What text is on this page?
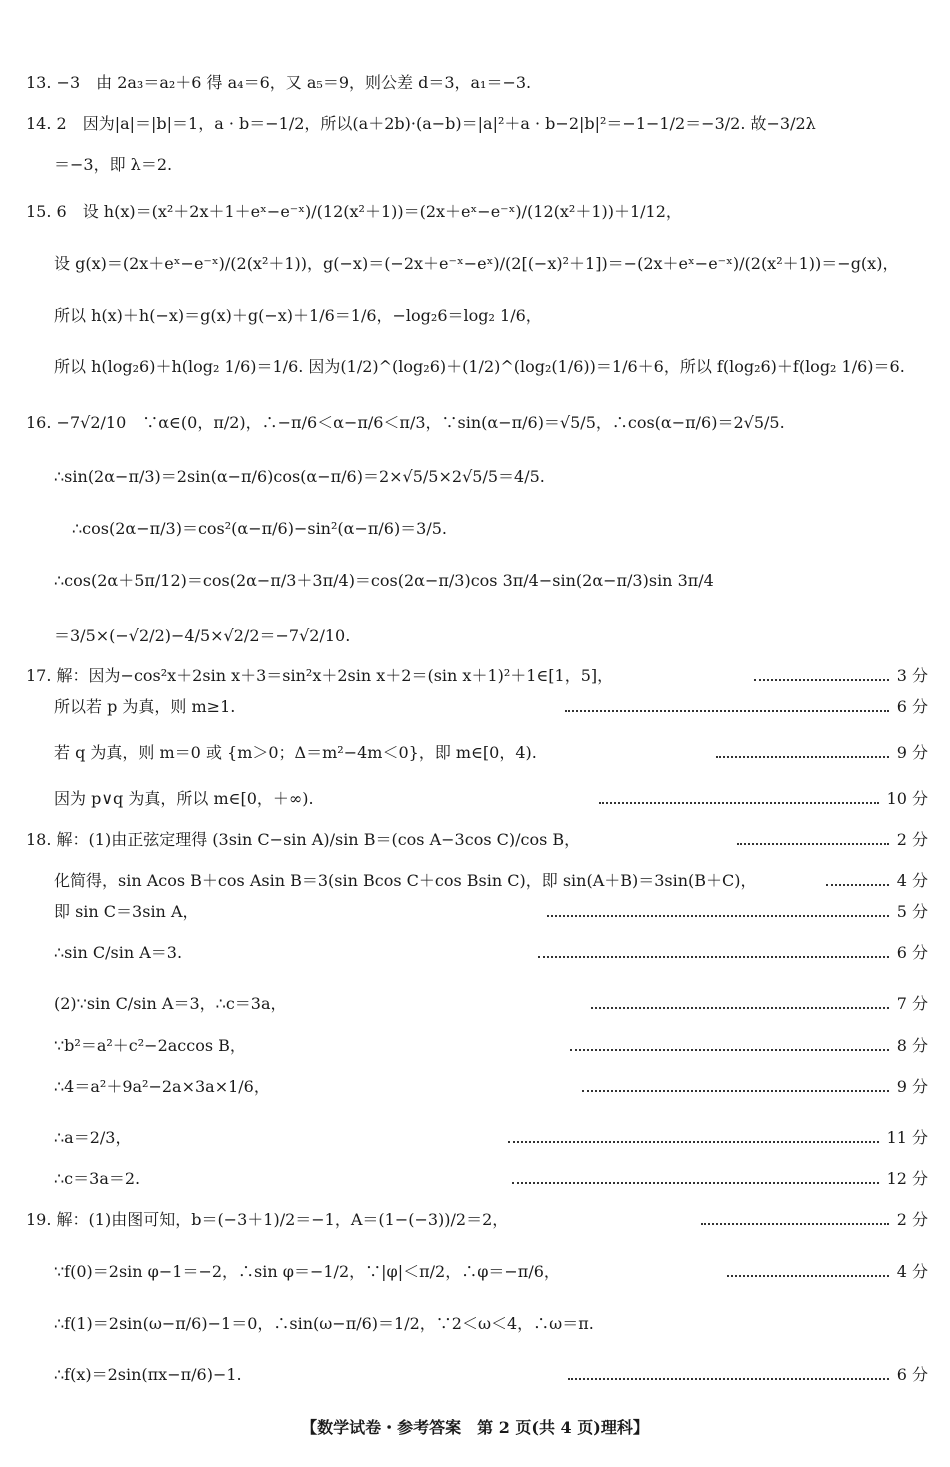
13. −3　由 2a₃＝a₂＋6 得 a₄＝6，又 a₅＝9，则公差 d＝3，a₁＝−3.
14. 2　因为|a|＝|b|＝1，a · b＝−1/2，所以(a＋2b)·(a−b)＝|a|²＋a · b−2|b|²＝−1−1/2＝−3/2. 故−3/2λ
＝−3，即 λ＝2.
15. 6　设 h(x)＝(x²＋2x＋1＋eˣ−e⁻ˣ)/(12(x²＋1))＝(2x＋eˣ−e⁻ˣ)/(12(x²＋1))＋1/12，
设 g(x)＝(2x＋eˣ−e⁻ˣ)/(2(x²＋1))，g(−x)＝(−2x＋e⁻ˣ−eˣ)/(2[(−x)²＋1])＝−(2x＋eˣ−e⁻ˣ)/(2(x²＋1))＝−g(x)，
所以 h(x)＋h(−x)＝g(x)＋g(−x)＋1/6＝1/6，−log₂6＝log₂ 1/6，
所以 h(log₂6)＋h(log₂ 1/6)＝1/6. 因为(1/2)^(log₂6)＋(1/2)^(log₂(1/6))＝1/6＋6，所以 f(log₂6)＋f(log₂ 1/6)＝6.
16. −7√2/10　∵α∈(0，π/2)，∴−π/6＜α−π/6＜π/3，∵sin(α−π/6)＝√5/5，∴cos(α−π/6)＝2√5/5.
∴sin(2α−π/3)＝2sin(α−π/6)cos(α−π/6)＝2×√5/5×2√5/5＝4/5.
∴cos(2α−π/3)＝cos²(α−π/6)−sin²(α−π/6)＝3/5.
∴cos(2α＋5π/12)＝cos(2α−π/3＋3π/4)＝cos(2α−π/3)cos 3π/4−sin(2α−π/3)sin 3π/4
＝3/5×(−√2/2)−4/5×√2/2＝−7√2/10.
17. 解：因为−cos²x＋2sin x＋3＝sin²x＋2sin x＋2＝(sin x＋1)²＋1∈[1，5]，	3 分
所以若 p 为真，则 m≥1.	6 分
若 q 为真，则 m＝0 或 {m＞0；Δ＝m²−4m＜0}，即 m∈[0，4).	9 分
因为 p∨q 为真，所以 m∈[0，＋∞).	10 分
18. 解：(1)由正弦定理得 (3sin C−sin A)/sin B＝(cos A−3cos C)/cos B，	2 分
化简得，sin Acos B＋cos Asin B＝3(sin Bcos C＋cos Bsin C)，即 sin(A＋B)＝3sin(B＋C)，	4 分
即 sin C＝3sin A，	5 分
∴sin C/sin A＝3.	6 分
(2)∵sin C/sin A＝3，∴c＝3a，	7 分
∵b²＝a²＋c²−2accos B，	8 分
∴4＝a²＋9a²−2a×3a×1/6，	9 分
∴a＝2/3，	11 分
∴c＝3a＝2.	12 分
19. 解：(1)由图可知，b＝(−3＋1)/2＝−1，A＝(1−(−3))/2＝2，	2 分
∵f(0)＝2sin φ−1＝−2，∴sin φ＝−1/2，∵|φ|＜π/2，∴φ＝−π/6，	4 分
∴f(1)＝2sin(ω−π/6)−1＝0，∴sin(ω−π/6)＝1/2，∵2＜ω＜4，∴ω＝π.
∴f(x)＝2sin(πx−π/6)−1.	6 分
【数学试卷・参考答案　第 2 页(共 4 页)理科】
